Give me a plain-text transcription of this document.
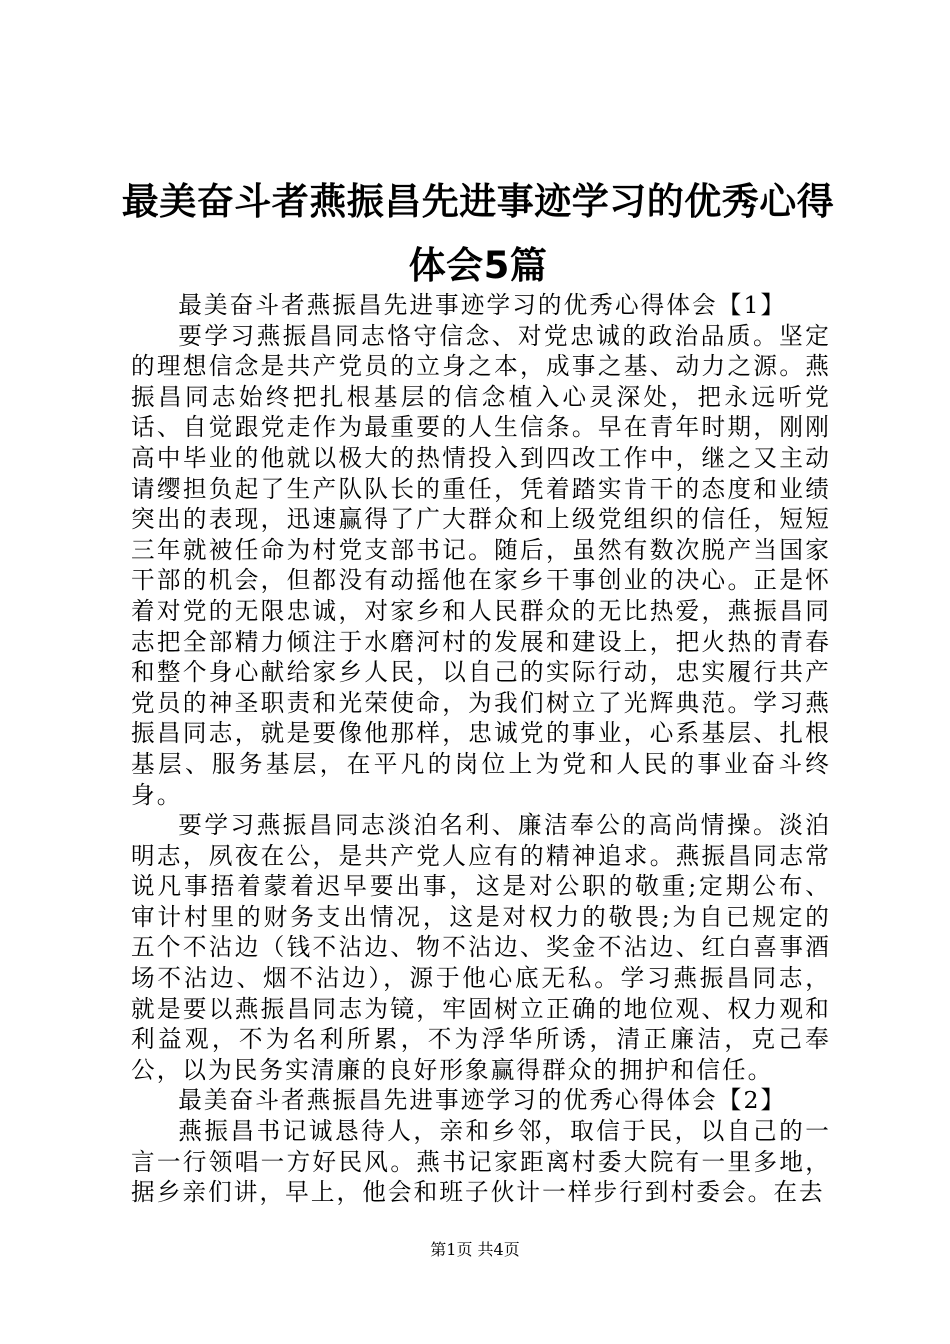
最美奋斗者燕振昌先进事迹学习的优秀心得体会5篇

最美奋斗者燕振昌先进事迹学习的优秀心得体会【1】

要学习燕振昌同志恪守信念、对党忠诚的政治品质。坚定的理想信念是共产党员的立身之本，成事之基、动力之源。燕振昌同志始终把扎根基层的信念植入心灵深处，把永远听党话、自觉跟党走作为最重要的人生信条。早在青年时期，刚刚高中毕业的他就以极大的热情投入到四改工作中，继之又主动请缨担负起了生产队队长的重任，凭着踏实肯干的态度和业绩突出的表现，迅速赢得了广大群众和上级党组织的信任，短短三年就被任命为村党支部书记。随后，虽然有数次脱产当国家干部的机会，但都没有动摇他在家乡干事创业的决心。正是怀着对党的无限忠诚，对家乡和人民群众的无比热爱，燕振昌同志把全部精力倾注于水磨河村的发展和建设上，把火热的青春和整个身心献给家乡人民，以自己的实际行动，忠实履行共产党员的神圣职责和光荣使命，为我们树立了光辉典范。学习燕振昌同志，就是要像他那样，忠诚党的事业，心系基层、扎根基层、服务基层，在平凡的岗位上为党和人民的事业奋斗终身。

要学习燕振昌同志淡泊名利、廉洁奉公的高尚情操。淡泊明志，夙夜在公，是共产党人应有的精神追求。燕振昌同志常说凡事捂着蒙着迟早要出事，这是对公职的敬重;定期公布、审计村里的财务支出情况，这是对权力的敬畏;为自已规定的五个不沾边（钱不沾边、物不沾边、奖金不沾边、红白喜事酒场不沾边、烟不沾边），源于他心底无私。学习燕振昌同志，就是要以燕振昌同志为镜，牢固树立正确的地位观、权力观和利益观，不为名利所累，不为浮华所诱，清正廉洁，克己奉公，以为民务实清廉的良好形象赢得群众的拥护和信任。

最美奋斗者燕振昌先进事迹学习的优秀心得体会【2】

燕振昌书记诚恳待人，亲和乡邻，取信于民，以自己的一言一行领唱一方好民风。燕书记家距离村委大院有一里多地，据乡亲们讲，早上，他会和班子伙计一样步行到村委会。在去

第1页 共4页
